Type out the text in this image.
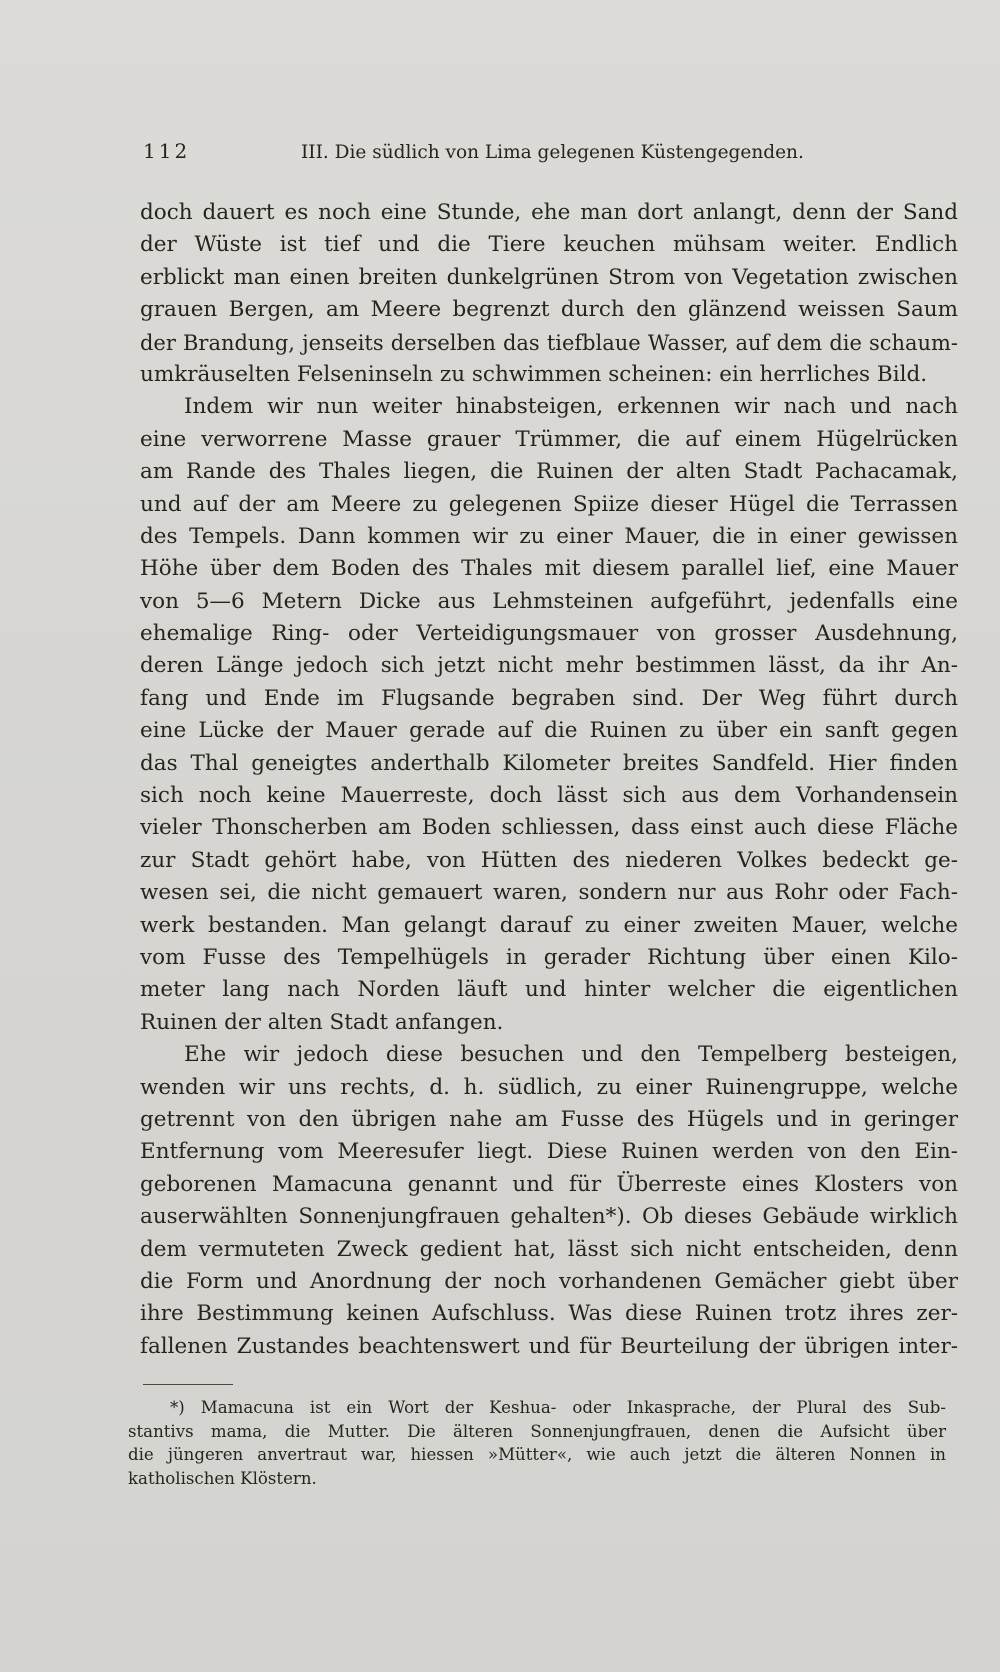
112	III. Die südlich von Lima gelegenen Küstengegenden.
doch dauert es noch eine Stunde, ehe man dort anlangt, denn der Sand
der Wüste ist tief und die Tiere keuchen mühsam weiter. Endlich
erblickt man einen breiten dunkelgrünen Strom von Vegetation zwischen
grauen Bergen, am Meere begrenzt durch den glänzend weissen Saum
der Brandung, jenseits derselben das tiefblaue Wasser, auf dem die schaum-
umkräuselten Felseninseln zu schwimmen scheinen: ein herrliches Bild.
Indem wir nun weiter hinabsteigen, erkennen wir nach und nach
eine verworrene Masse grauer Trümmer, die auf einem Hügelrücken
am Rande des Thales liegen, die Ruinen der alten Stadt Pachacamak,
und auf der am Meere zu gelegenen Spiize dieser Hügel die Terrassen
des Tempels. Dann kommen wir zu einer Mauer, die in einer gewissen
Höhe über dem Boden des Thales mit diesem parallel lief, eine Mauer
von 5—6 Metern Dicke aus Lehmsteinen aufgeführt, jedenfalls eine
ehemalige Ring- oder Verteidigungsmauer von grosser Ausdehnung,
deren Länge jedoch sich jetzt nicht mehr bestimmen lässt, da ihr An-
fang und Ende im Flugsande begraben sind. Der Weg führt durch
eine Lücke der Mauer gerade auf die Ruinen zu über ein sanft gegen
das Thal geneigtes anderthalb Kilometer breites Sandfeld. Hier finden
sich noch keine Mauerreste, doch lässt sich aus dem Vorhandensein
vieler Thonscherben am Boden schliessen, dass einst auch diese Fläche
zur Stadt gehört habe, von Hütten des niederen Volkes bedeckt ge-
wesen sei, die nicht gemauert waren, sondern nur aus Rohr oder Fach-
werk bestanden. Man gelangt darauf zu einer zweiten Mauer, welche
vom Fusse des Tempelhügels in gerader Richtung über einen Kilo-
meter lang nach Norden läuft und hinter welcher die eigentlichen
Ruinen der alten Stadt anfangen.
Ehe wir jedoch diese besuchen und den Tempelberg besteigen,
wenden wir uns rechts, d. h. südlich, zu einer Ruinengruppe, welche
getrennt von den übrigen nahe am Fusse des Hügels und in geringer
Entfernung vom Meeresufer liegt. Diese Ruinen werden von den Ein-
geborenen Mamacuna genannt und für Überreste eines Klosters von
auserwählten Sonnenjungfrauen gehalten*). Ob dieses Gebäude wirklich
dem vermuteten Zweck gedient hat, lässt sich nicht entscheiden, denn
die Form und Anordnung der noch vorhandenen Gemächer giebt über
ihre Bestimmung keinen Aufschluss. Was diese Ruinen trotz ihres zer-
fallenen Zustandes beachtenswert und für Beurteilung der übrigen inter-
*) Mamacuna ist ein Wort der Keshua- oder Inkasprache, der Plural des Sub-
stantivs mama, die Mutter. Die älteren Sonnenjungfrauen, denen die Aufsicht über
die jüngeren anvertraut war, hiessen »Mütter«, wie auch jetzt die älteren Nonnen in
katholischen Klöstern.
